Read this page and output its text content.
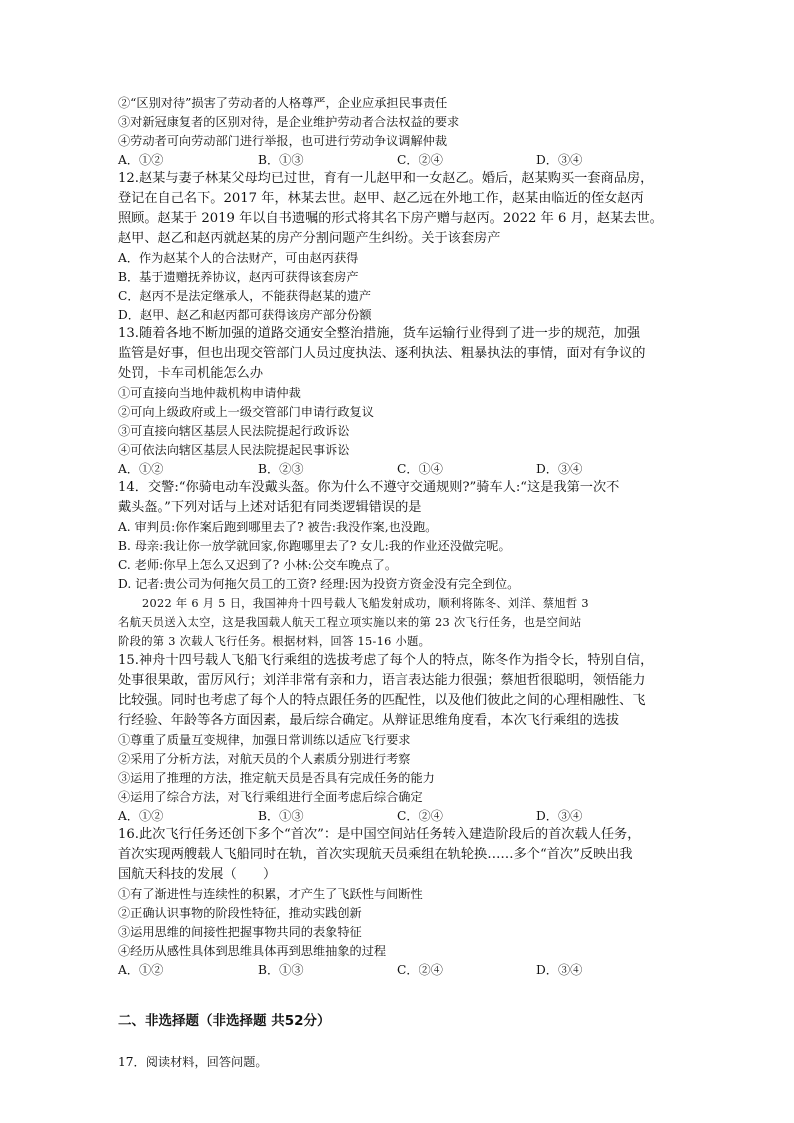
②“区别对待”损害了劳动者的人格尊严，企业应承担民事责任
③对新冠康复者的区别对待，是企业维护劳动者合法权益的要求
④劳动者可向劳动部门进行举报，也可进行劳动争议调解仲裁
A．①②	B．①③	C．②④	D．③④
12.赵某与妻子林某父母均已过世，育有一儿赵甲和一女赵乙。婚后，赵某购买一套商品房，
登记在自己名下。2017 年，林某去世。赵甲、赵乙远在外地工作，赵某由临近的侄女赵丙
照顾。赵某于 2019 年以自书遗嘱的形式将其名下房产赠与赵丙。2022 年 6 月，赵某去世。
赵甲、赵乙和赵丙就赵某的房产分割问题产生纠纷。关于该套房产
A．作为赵某个人的合法财产，可由赵丙获得
B．基于遗赠抚养协议，赵丙可获得该套房产
C．赵丙不是法定继承人，不能获得赵某的遗产
D．赵甲、赵乙和赵丙都可获得该房产部分份额
13.随着各地不断加强的道路交通安全整治措施，货车运输行业得到了进一步的规范，加强
监管是好事，但也出现交管部门人员过度执法、逐利执法、粗暴执法的事情，面对有争议的
处罚，卡车司机能怎么办
①可直接向当地仲裁机构申请仲裁
②可向上级政府或上一级交管部门申请行政复议
③可直接向辖区基层人民法院提起行政诉讼
④可依法向辖区基层人民法院提起民事诉讼
A．①②	B．②③	C．①④	D．③④
14．交警:“你骑电动车没戴头盔。你为什么不遵守交通规则?”骑车人:“这是我第一次不
戴头盔。”下列对话与上述对话犯有同类逻辑错误的是
A. 审判员:你作案后跑到哪里去了? 被告:我没作案,也没跑。
B. 母亲:我让你一放学就回家,你跑哪里去了? 女儿:我的作业还没做完呢。
C. 老师:你早上怎么又迟到了? 小林:公交车晚点了。
D. 记者:贵公司为何拖欠员工的工资? 经理:因为投资方资金没有完全到位。
2022 年 6 月 5 日，我国神舟十四号载人飞船发射成功，顺利将陈冬、刘洋、蔡旭哲 3
名航天员送入太空，这是我国载人航天工程立项实施以来的第 23 次飞行任务，也是空间站
阶段的第 3 次载人飞行任务。根据材料，回答 15-16 小题。
15.神舟十四号载人飞船飞行乘组的选拔考虑了每个人的特点，陈冬作为指令长，特别自信，
处事很果敢，雷厉风行；刘洋非常有亲和力，语言表达能力很强；蔡旭哲很聪明，领悟能力
比较强。同时也考虑了每个人的特点跟任务的匹配性，以及他们彼此之间的心理相融性、飞
行经验、年龄等各方面因素，最后综合确定。从辩证思维角度看，本次飞行乘组的选拔
①尊重了质量互变规律，加强日常训练以适应飞行要求
②采用了分析方法，对航天员的个人素质分别进行考察
③运用了推理的方法，推定航天员是否具有完成任务的能力
④运用了综合方法，对飞行乘组进行全面考虑后综合确定
A．①②	B．①③	C．②④	D．③④
16.此次飞行任务还创下多个“首次”：是中国空间站任务转入建造阶段后的首次载人任务，
首次实现两艘载人飞船同时在轨，首次实现航天员乘组在轨轮换……多个“首次”反映出我
国航天科技的发展（　　）
①有了渐进性与连续性的积累，才产生了飞跃性与间断性
②正确认识事物的阶段性特征，推动实践创新
③运用思维的间接性把握事物共同的表象特征
④经历从感性具体到思维具体再到思维抽象的过程
A．①②	B．①③	C．②④	D．③④
二、非选择题（非选择题 共52分）
17．阅读材料，回答问题。
